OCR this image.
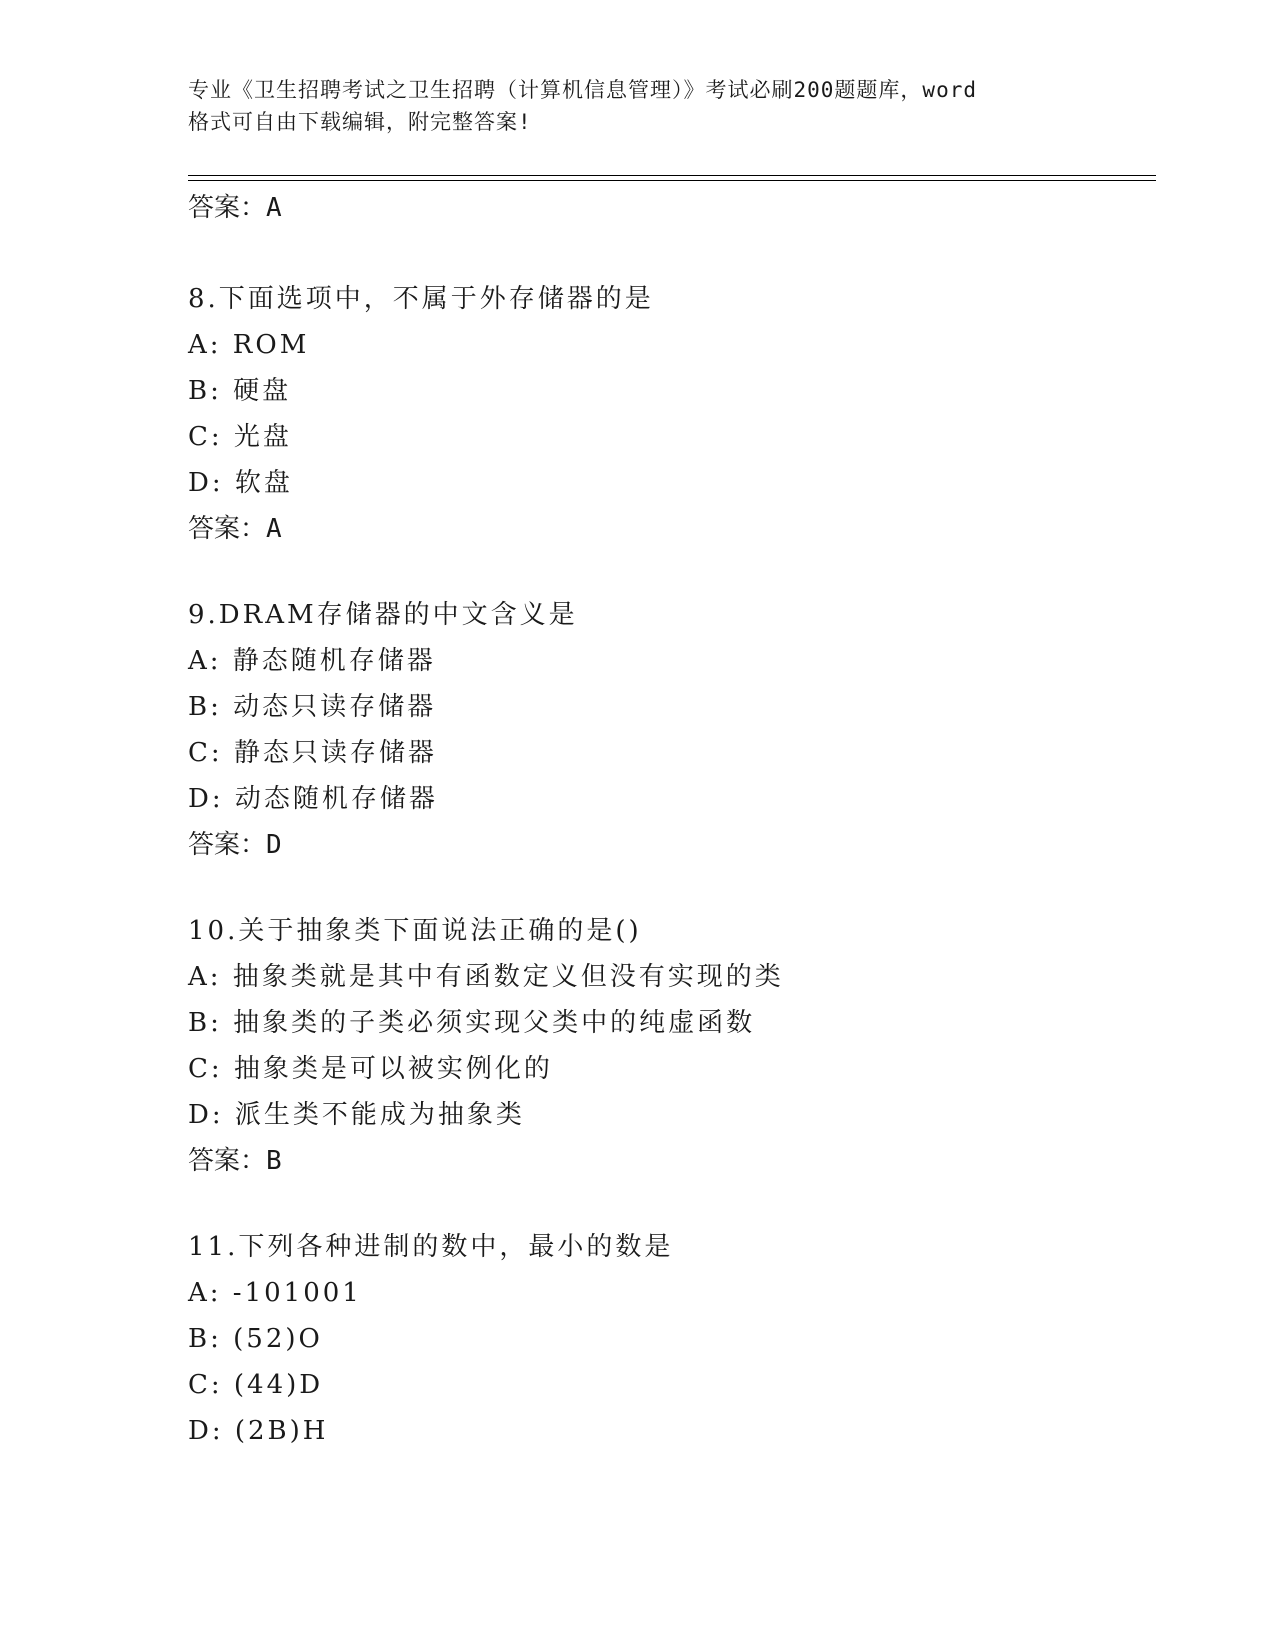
专业《卫生招聘考试之卫生招聘（计算机信息管理）》考试必刷200题题库，word
格式可自由下载编辑，附完整答案!
答案：A
8.下面选项中，不属于外存储器的是
A: ROM
B: 硬盘
C: 光盘
D: 软盘
答案：A
9.DRAM存储器的中文含义是
A: 静态随机存储器
B: 动态只读存储器
C: 静态只读存储器
D: 动态随机存储器
答案：D
10.关于抽象类下面说法正确的是()
A: 抽象类就是其中有函数定义但没有实现的类
B: 抽象类的子类必须实现父类中的纯虚函数
C: 抽象类是可以被实例化的
D: 派生类不能成为抽象类
答案：B
11.下列各种进制的数中，最小的数是
A: -101001
B: (52)O
C: (44)D
D: (2B)H
